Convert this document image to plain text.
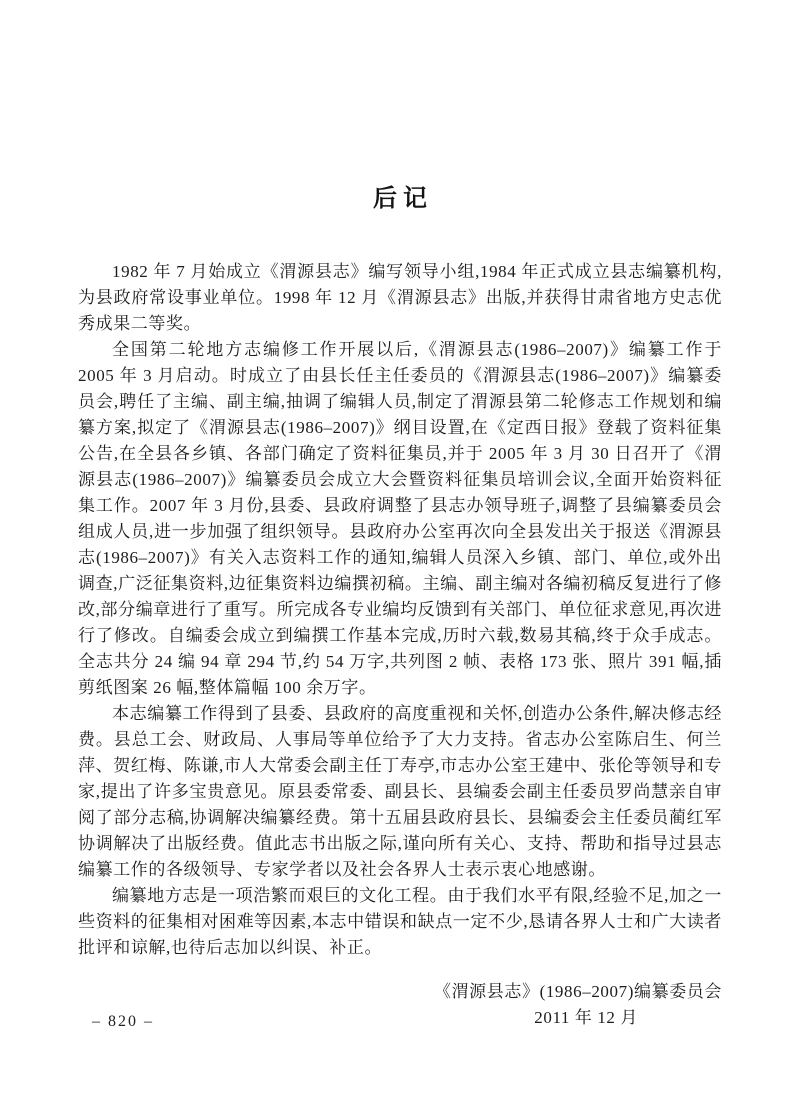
后记

1982 年 7 月始成立《渭源县志》编写领导小组,1984 年正式成立县志编纂机构,为县政府常设事业单位。1998 年 12 月《渭源县志》出版,并获得甘肃省地方史志优秀成果二等奖。

全国第二轮地方志编修工作开展以后,《渭源县志(1986–2007)》编纂工作于 2005 年 3 月启动。时成立了由县长任主任委员的《渭源县志(1986–2007)》编纂委员会,聘任了主编、副主编,抽调了编辑人员,制定了渭源县第二轮修志工作规划和编纂方案,拟定了《渭源县志(1986–2007)》纲目设置,在《定西日报》登载了资料征集公告,在全县各乡镇、各部门确定了资料征集员,并于 2005 年 3 月 30 日召开了《渭源县志(1986–2007)》编纂委员会成立大会暨资料征集员培训会议,全面开始资料征集工作。2007 年 3 月份,县委、县政府调整了县志办领导班子,调整了县编纂委员会组成人员,进一步加强了组织领导。县政府办公室再次向全县发出关于报送《渭源县志(1986–2007)》有关入志资料工作的通知,编辑人员深入乡镇、部门、单位,或外出调查,广泛征集资料,边征集资料边编撰初稿。主编、副主编对各编初稿反复进行了修改,部分编章进行了重写。所完成各专业编均反馈到有关部门、单位征求意见,再次进行了修改。自编委会成立到编撰工作基本完成,历时六载,数易其稿,终于众手成志。全志共分 24 编 94 章 294 节,约 54 万字,共列图 2 帧、表格 173 张、照片 391 幅,插剪纸图案 26 幅,整体篇幅 100 余万字。

本志编纂工作得到了县委、县政府的高度重视和关怀,创造办公条件,解决修志经费。县总工会、财政局、人事局等单位给予了大力支持。省志办公室陈启生、何兰萍、贺红梅、陈谦,市人大常委会副主任丁寿亭,市志办公室王建中、张伦等领导和专家,提出了许多宝贵意见。原县委常委、副县长、县编委会副主任委员罗尚慧亲自审阅了部分志稿,协调解决编纂经费。第十五届县政府县长、县编委会主任委员蔺红军协调解决了出版经费。值此志书出版之际,谨向所有关心、支持、帮助和指导过县志编纂工作的各级领导、专家学者以及社会各界人士表示衷心地感谢。

编纂地方志是一项浩繁而艰巨的文化工程。由于我们水平有限,经验不足,加之一些资料的征集相对困难等因素,本志中错误和缺点一定不少,恳请各界人士和广大读者批评和谅解,也待后志加以纠误、补正。

《渭源县志》(1986–2007)编纂委员会
2011 年 12 月
– 820 –
